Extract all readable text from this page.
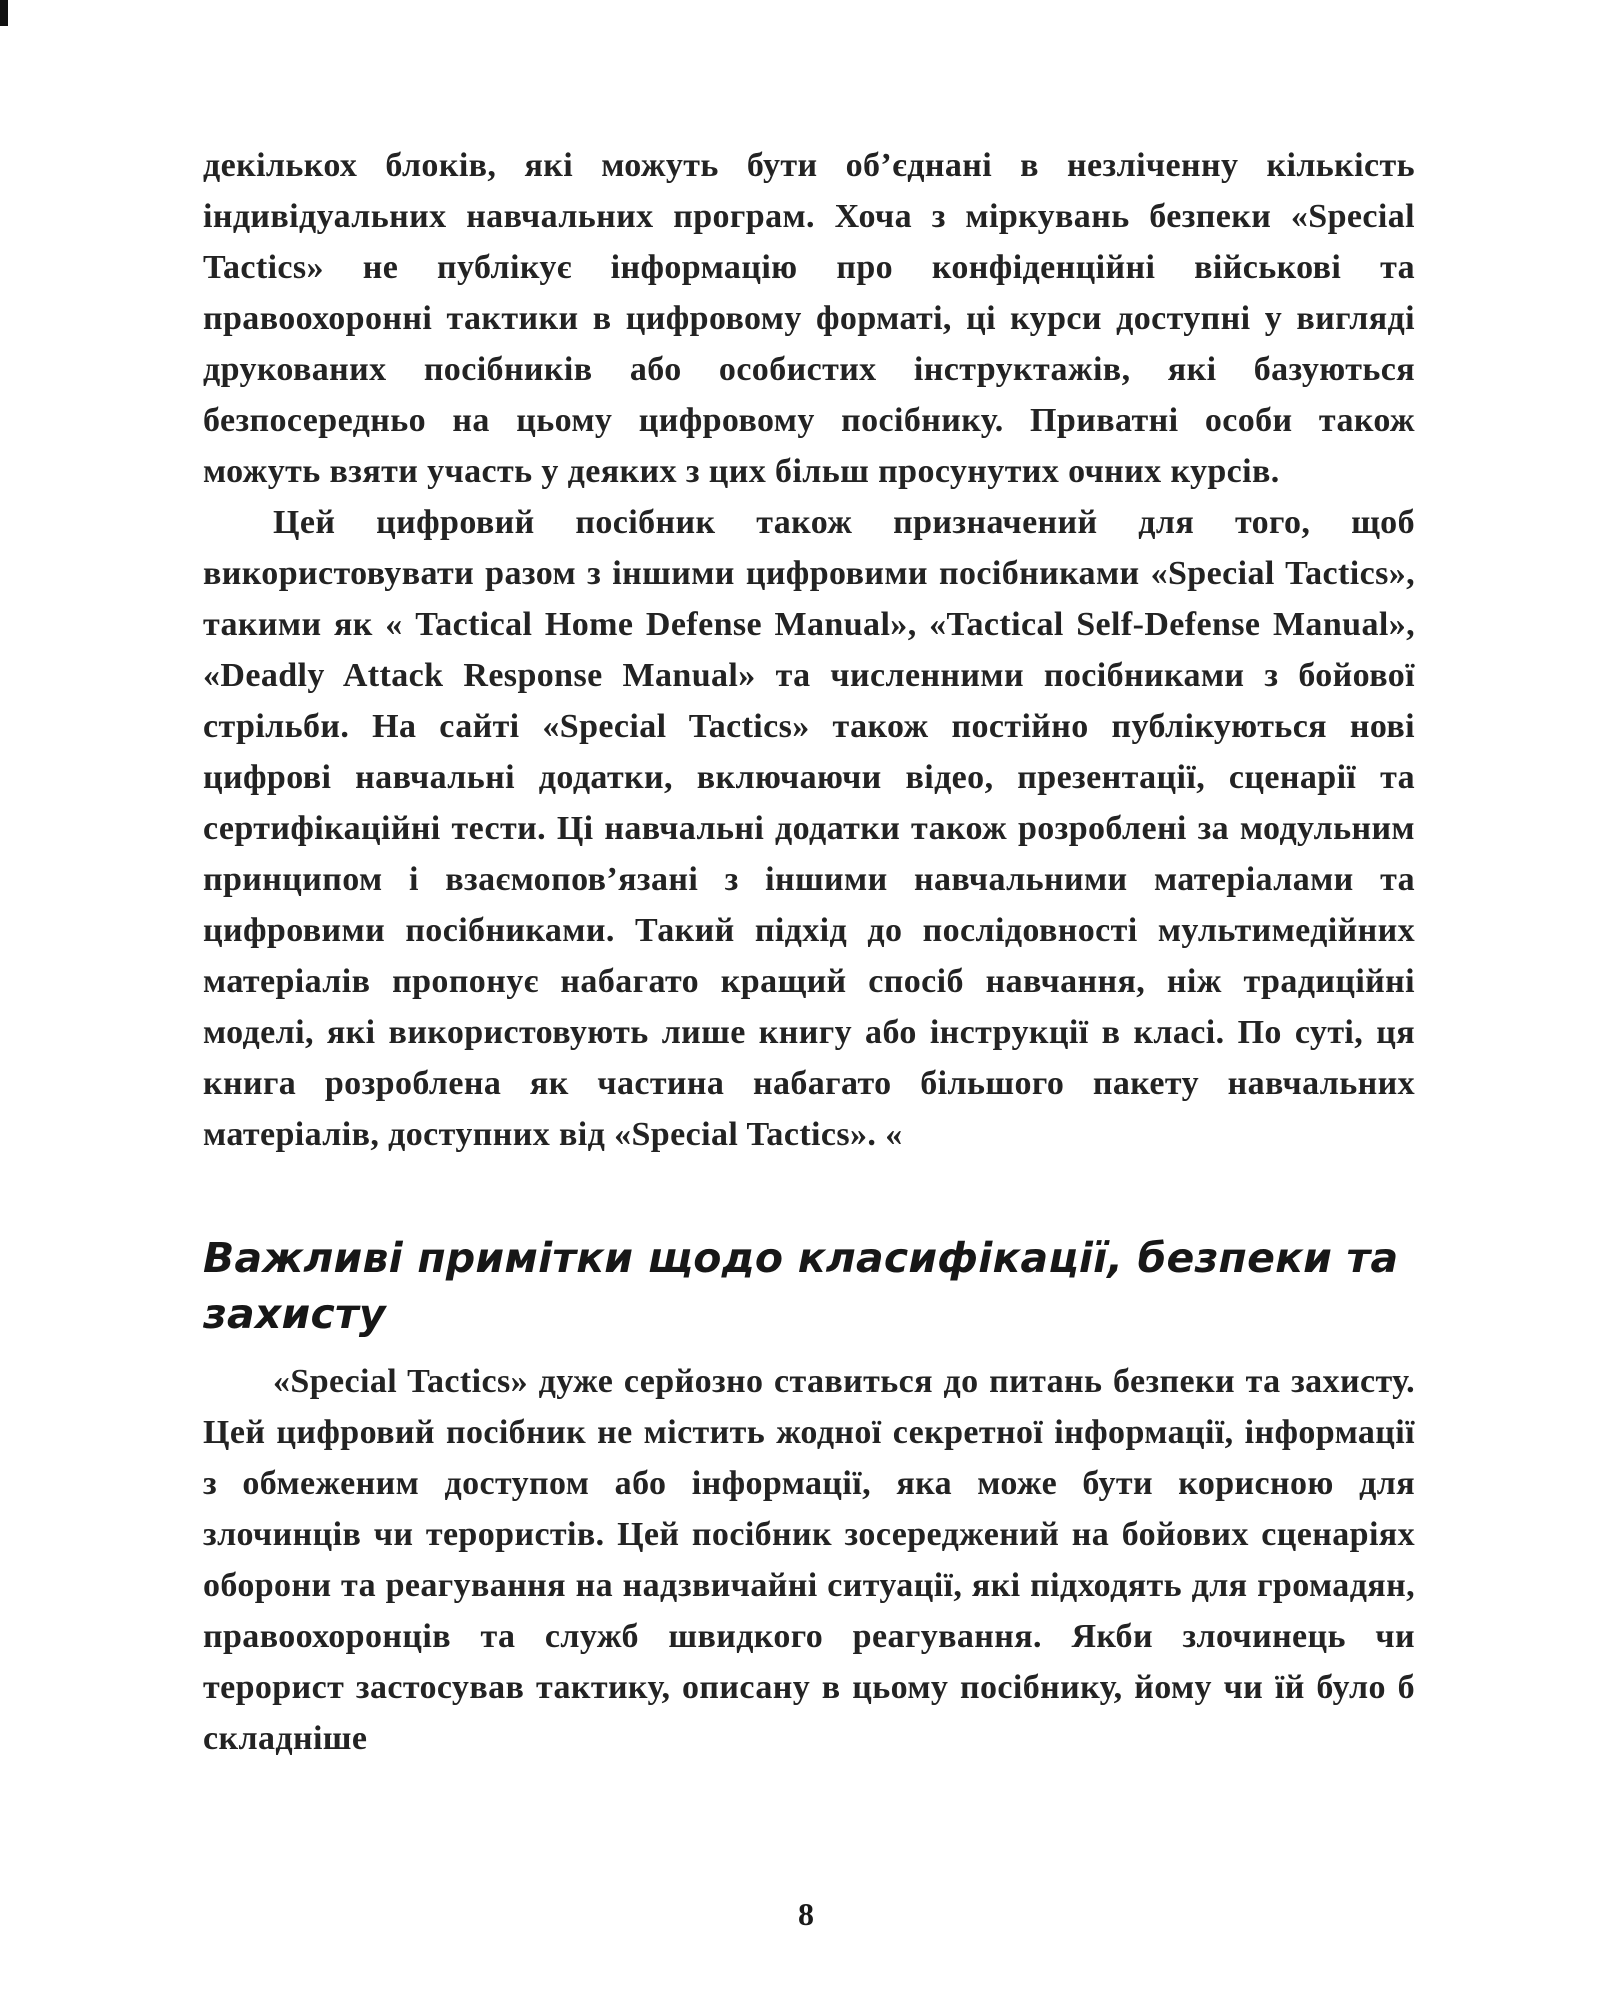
декількох блоків, які можуть бути об’єднані в незліченну кількість індивідуальних навчальних програм. Хоча з міркувань безпеки «Special Tactics» не публікує інформацію про конфіденційні військові та правоохоронні тактики в цифровому форматі, ці курси доступні у вигляді друкованих посібників або особистих інструктажів, які базуються безпосередньо на цьому цифровому посібнику. Приватні особи також можуть взяти участь у деяких з цих більш просунутих очних курсів.

Цей цифровий посібник також призначений для того, щоб використовувати разом з іншими цифровими посібниками «Special Tactics», такими як « Tactical Home Defense Manual», «Tactical Self-Defense Manual», «Deadly Attack Response Manual» та численними посібниками з бойової стрільби. На сайті «Special Tactics» також постійно публікуються нові цифрові навчальні додатки, включаючи відео, презентації, сценарії та сертифікаційні тести. Ці навчальні додатки також розроблені за модульним принципом і взаємопов’язані з іншими навчальними матеріалами та цифровими посібниками. Такий підхід до послідовності мультимедійних матеріалів пропонує набагато кращий спосіб навчання, ніж традиційні моделі, які використовують лише книгу або інструкції в класі. По суті, ця книга розроблена як частина набагато більшого пакету навчальних матеріалів, доступних від «Special Tactics». «

Важливі примітки щодо класифікації, безпеки та захисту

«Special Tactics» дуже серйозно ставиться до питань безпеки та захисту. Цей цифровий посібник не містить жодної секретної інформації, інформації з обмеженим доступом або інформації, яка може бути корисною для злочинців чи терористів. Цей посібник зосереджений на бойових сценаріях оборони та реагування на надзвичайні ситуації, які підходять для громадян, правоохоронців та служб швидкого реагування. Якби злочинець чи терорист застосував тактику, описану в цьому посібнику, йому чи їй було б складніше

8
